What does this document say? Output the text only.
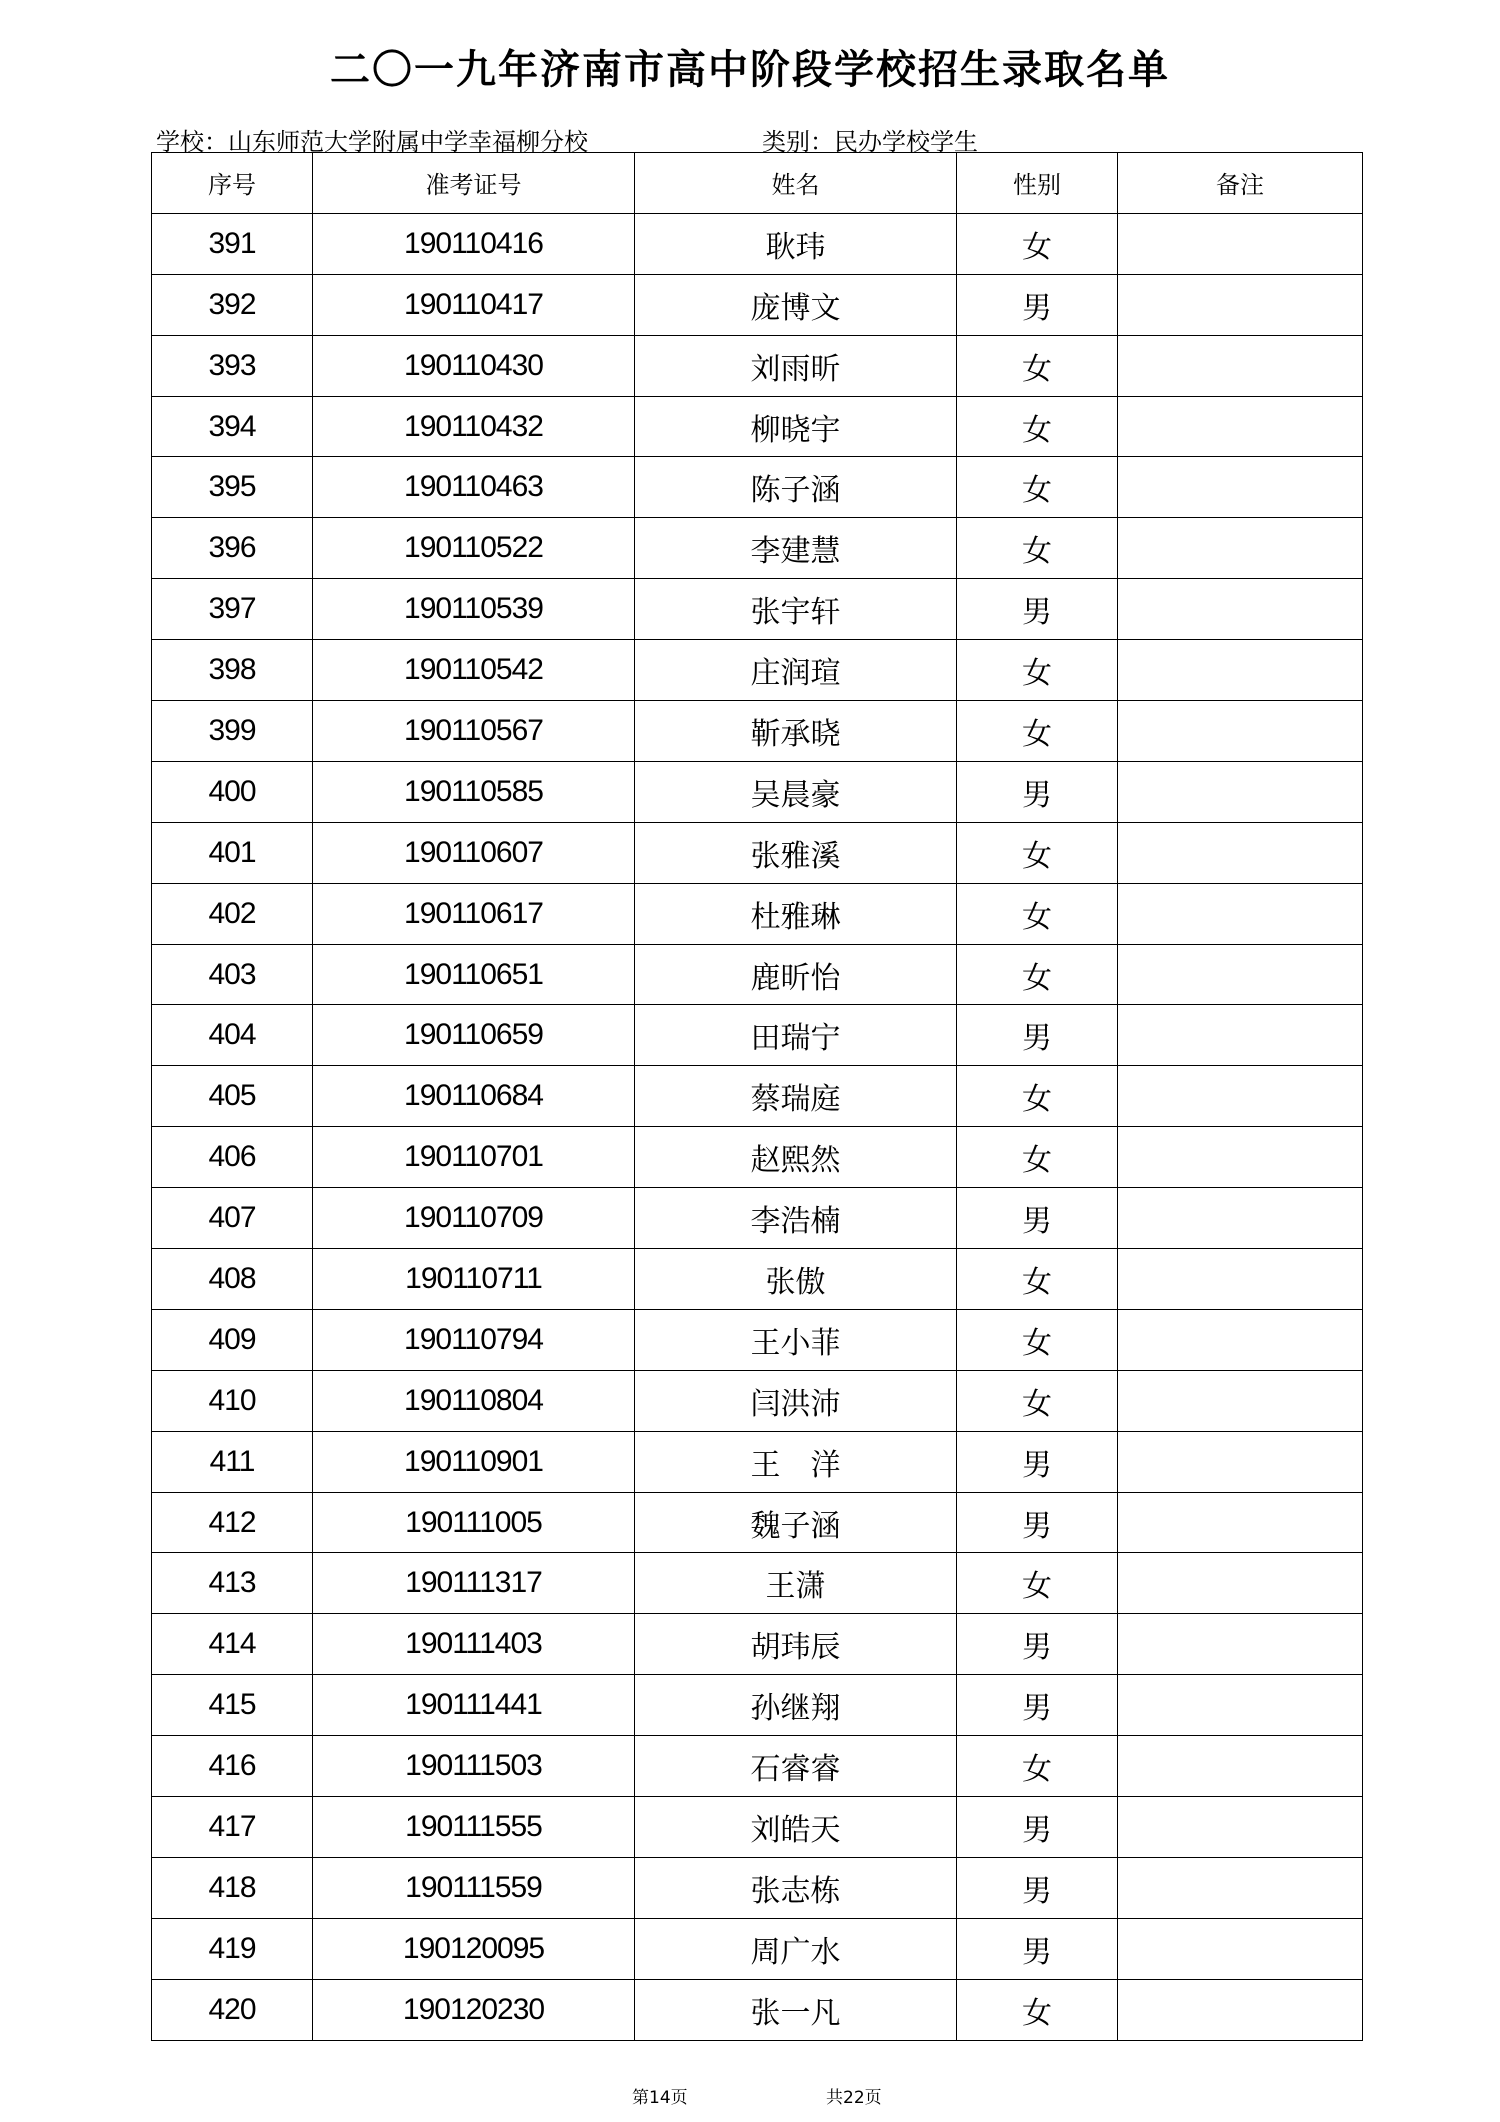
二〇一九年济南市高中阶段学校招生录取名单
学校：山东师范大学附属中学幸福柳分校	类别：民办学校学生
序号	准考证号	姓名	性别	备注
391	190110416	耿玮	女	
392	190110417	庞博文	男	
393	190110430	刘雨昕	女	
394	190110432	柳晓宇	女	
395	190110463	陈子涵	女	
396	190110522	李建慧	女	
397	190110539	张宇轩	男	
398	190110542	庄润瑄	女	
399	190110567	靳承晓	女	
400	190110585	吴晨豪	男	
401	190110607	张雅溪	女	
402	190110617	杜雅琳	女	
403	190110651	鹿昕怡	女	
404	190110659	田瑞宁	男	
405	190110684	蔡瑞庭	女	
406	190110701	赵熙然	女	
407	190110709	李浩楠	男	
408	190110711	张傲	女	
409	190110794	王小菲	女	
410	190110804	闫洪沛	女	
411	190110901	王　洋	男	
412	190111005	魏子涵	男	
413	190111317	王潇	女	
414	190111403	胡玮辰	男	
415	190111441	孙继翔	男	
416	190111503	石睿睿	女	
417	190111555	刘皓天	男	
418	190111559	张志栋	男	
419	190120095	周广水	男	
420	190120230	张一凡	女	
第14页	共22页
